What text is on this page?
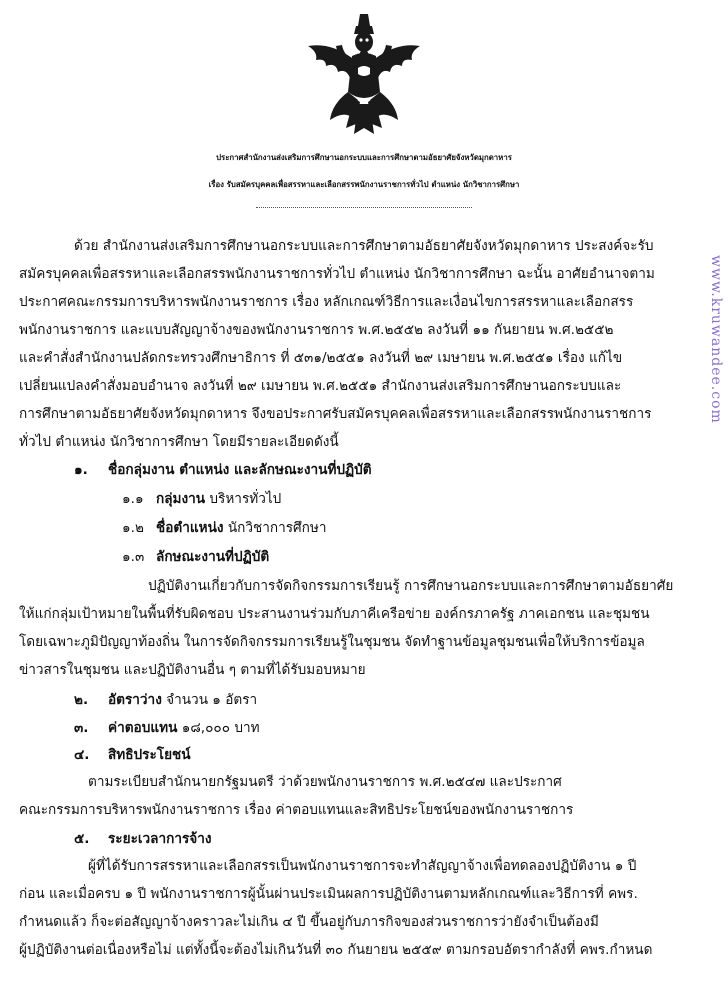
ประกาศสำนักงานส่งเสริมการศึกษานอกระบบและการศึกษาตามอัธยาศัยจังหวัดมุกดาหาร
เรื่อง รับสมัครบุคคลเพื่อสรรหาและเลือกสรรพนักงานราชการทั่วไป ตำแหน่ง นักวิชาการศึกษา
ด้วย สำนักงานส่งเสริมการศึกษานอกระบบและการศึกษาตามอัธยาศัยจังหวัดมุกดาหาร ประสงค์จะรับ
สมัครบุคคลเพื่อสรรหาและเลือกสรรพนักงานราชการทั่วไป ตำแหน่ง นักวิชาการศึกษา ฉะนั้น อาศัยอำนาจตาม
ประกาศคณะกรรมการบริหารพนักงานราชการ เรื่อง หลักเกณฑ์วิธีการและเงื่อนไขการสรรหาและเลือกสรร
พนักงานราชการ และแบบสัญญาจ้างของพนักงานราชการ พ.ศ.๒๕๕๒ ลงวันที่ ๑๑ กันยายน พ.ศ.๒๕๕๒
และคำสั่งสำนักงานปลัดกระทรวงศึกษาธิการ ที่ ๕๓๑/๒๕๕๑ ลงวันที่ ๒๙ เมษายน พ.ศ.๒๕๕๑ เรื่อง แก้ไข
เปลี่ยนแปลงคำสั่งมอบอำนาจ ลงวันที่ ๒๙ เมษายน พ.ศ.๒๕๕๑ สำนักงานส่งเสริมการศึกษานอกระบบและ
การศึกษาตามอัธยาศัยจังหวัดมุกดาหาร จึงขอประกาศรับสมัครบุคคลเพื่อสรรหาและเลือกสรรพนักงานราชการ
ทั่วไป ตำแหน่ง นักวิชาการศึกษา โดยมีรายละเอียดดังนี้
๑. ชื่อกลุ่มงาน ตำแหน่ง และลักษณะงานที่ปฏิบัติ
๑.๑ กลุ่มงาน บริหารทั่วไป
๑.๒ ชื่อตำแหน่ง นักวิชาการศึกษา
๑.๓ ลักษณะงานที่ปฏิบัติ
ปฏิบัติงานเกี่ยวกับการจัดกิจกรรมการเรียนรู้ การศึกษานอกระบบและการศึกษาตามอัธยาศัย
ให้แก่กลุ่มเป้าหมายในพื้นที่รับผิดชอบ ประสานงานร่วมกับภาคีเครือข่าย องค์กรภาครัฐ ภาคเอกชน และชุมชน
โดยเฉพาะภูมิปัญญาท้องถิ่น ในการจัดกิจกรรมการเรียนรู้ในชุมชน จัดทำฐานข้อมูลชุมชนเพื่อให้บริการข้อมูล
ข่าวสารในชุมชน และปฏิบัติงานอื่น ๆ ตามที่ได้รับมอบหมาย
๒. อัตราว่าง จำนวน ๑ อัตรา
๓. ค่าตอบแทน ๑๘,๐๐๐ บาท
๔. สิทธิประโยชน์
ตามระเบียบสำนักนายกรัฐมนตรี ว่าด้วยพนักงานราชการ พ.ศ.๒๕๔๗ และประกาศ
คณะกรรมการบริหารพนักงานราชการ เรื่อง ค่าตอบแทนและสิทธิประโยชน์ของพนักงานราชการ
๕. ระยะเวลาการจ้าง
ผู้ที่ได้รับการสรรหาและเลือกสรรเป็นพนักงานราชการจะทำสัญญาจ้างเพื่อทดลองปฏิบัติงาน ๑ ปี
ก่อน และเมื่อครบ ๑ ปี พนักงานราชการผู้นั้นผ่านประเมินผลการปฏิบัติงานตามหลักเกณฑ์และวิธีการที่ คพร.
กำหนดแล้ว ก็จะต่อสัญญาจ้างคราวละไม่เกิน ๔ ปี ขึ้นอยู่กับภารกิจของส่วนราชการว่ายังจำเป็นต้องมี
ผู้ปฏิบัติงานต่อเนื่องหรือไม่ แต่ทั้งนี้จะต้องไม่เกินวันที่ ๓๐ กันยายน ๒๕๕๙ ตามกรอบอัตรากำลังที่ คพร.กำหนด
www.kruwandee.com
